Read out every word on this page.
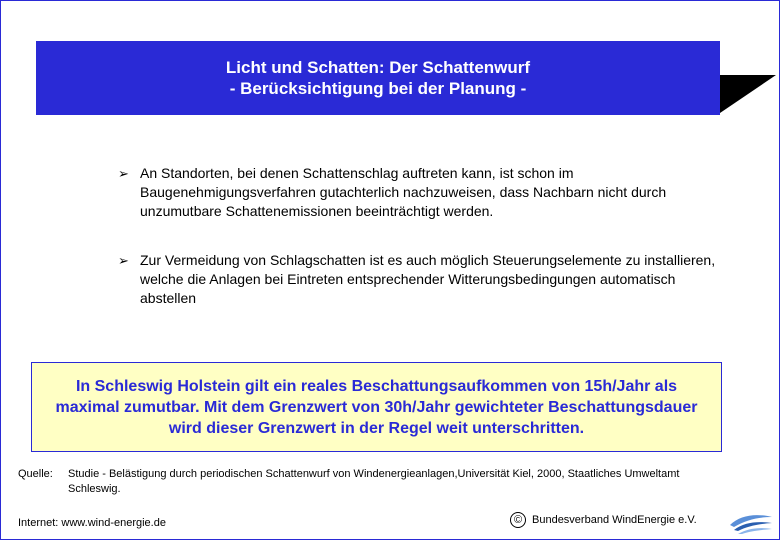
Licht und Schatten: Der Schattenwurf
- Berücksichtigung bei der Planung -
➢ An Standorten, bei denen Schattenschlag auftreten kann, ist schon im Baugenehmigungsverfahren gutachterlich nachzuweisen, dass Nachbarn nicht durch unzumutbare Schattenemissionen beeinträchtigt werden.
➢ Zur Vermeidung von Schlagschatten ist es auch möglich Steuerungselemente zu installieren, welche die Anlagen bei Eintreten entsprechender Witterungsbedingungen automatisch abstellen
In Schleswig Holstein gilt ein reales Beschattungsaufkommen von 15h/Jahr als maximal zumutbar. Mit dem Grenzwert von 30h/Jahr gewichteter Beschattungsdauer wird dieser Grenzwert in der Regel weit unterschritten.
Quelle:	Studie - Belästigung durch periodischen Schattenwurf von Windenergieanlagen,Universität Kiel, 2000, Staatliches Umweltamt Schleswig.
Internet: www.wind-energie.de	© Bundesverband WindEnergie e.V.
